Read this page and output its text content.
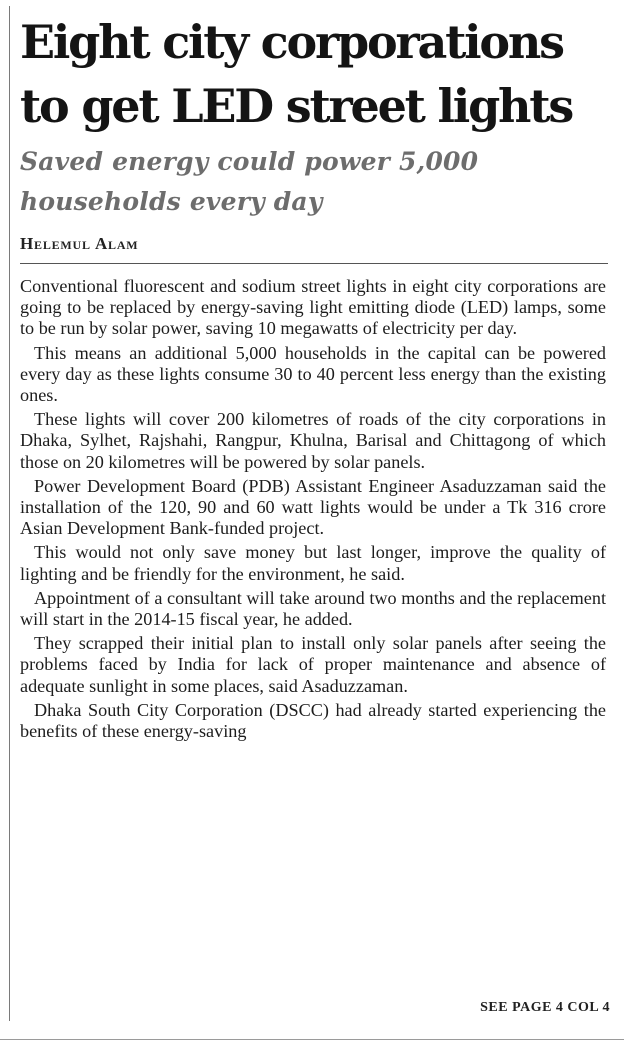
Eight city corporations
to get LED street lights
Saved energy could power 5,000
households every day
Helemul Alam

Conventional fluorescent and sodium street lights in eight city corporations are going to be replaced by energy-saving light emitting diode (LED) lamps, some to be run by solar power, saving 10 megawatts of electricity per day.

This means an additional 5,000 households in the capital can be powered every day as these lights consume 30 to 40 percent less energy than the existing ones.

These lights will cover 200 kilometres of roads of the city corporations in Dhaka, Sylhet, Rajshahi, Rangpur, Khulna, Barisal and Chittagong of which those on 20 kilometres will be powered by solar panels.

Power Development Board (PDB) Assistant Engineer Asaduzzaman said the installation of the 120, 90 and 60 watt lights would be under a Tk 316 crore Asian Development Bank-funded project.

This would not only save money but last longer, improve the quality of lighting and be friendly for the environment, he said.

Appointment of a consultant will take around two months and the replacement will start in the 2014-15 fiscal year, he added.

They scrapped their initial plan to install only solar panels after seeing the problems faced by India for lack of proper maintenance and absence of adequate sunlight in some places, said Asaduzzaman.

Dhaka South City Corporation (DSCC) had already started experiencing the benefits of these energy-saving

SEE PAGE 4 COL 4
